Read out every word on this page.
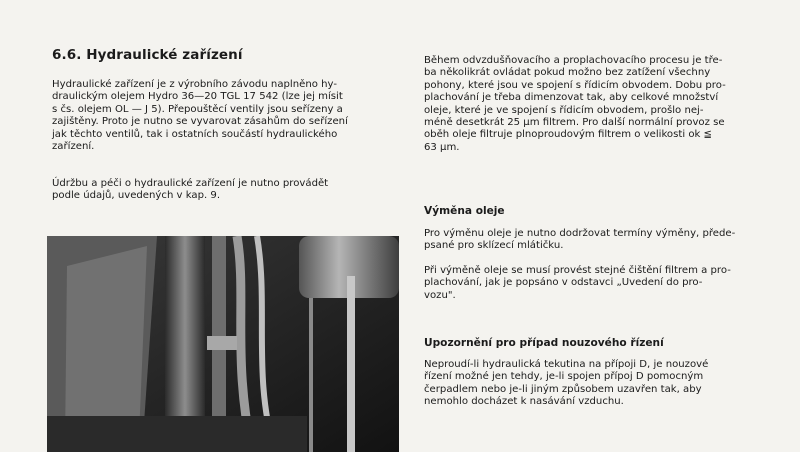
6.6. Hydraulické zařízení
Hydraulické zařízení je z výrobního závodu naplněno hy-
draulickým olejem Hydro 36—20 TGL 17 542 (lze jej mísit
s čs. olejem OL — J 5). Přepouštěcí ventily jsou seřízeny a
zajištěny. Proto je nutno se vyvarovat zásahům do seřízení
jak těchto ventilů, tak i ostatních součástí hydraulického
zařízení.
Údržbu a péči o hydraulické zařízení je nutno provádět
podle údajů, uvedených v kap. 9.
Během odvzdušňovacího a proplachovacího procesu je tře-
ba několikrát ovládat pokud možno bez zatížení všechny
pohony, které jsou ve spojení s řídicím obvodem. Dobu pro-
plachování je třeba dimenzovat tak, aby celkové množství
oleje, které je ve spojení s řídicím obvodem, prošlo nej-
méně desetkrát 25 µm filtrem. Pro další normální provoz se
oběh oleje filtruje plnoproudovým filtrem o velikosti ok ≦
63 µm.
Výměna oleje
Pro výměnu oleje je nutno dodržovat termíny výměny, přede-
psané pro sklízecí mlátičku.
Při výměně oleje se musí provést stejné čištění filtrem a pro-
plachování, jak je popsáno v odstavci „Uvedení do pro-
vozu".
Upozornění pro případ nouzového řízení
Neproudí-li hydraulická tekutina na přípoji D, je nouzové
řízení možné jen tehdy, je-li spojen přípoj D pomocným
čerpadlem nebo je-li jiným způsobem uzavřen tak, aby
nemohlo docházet k nasávání vzduchu.
